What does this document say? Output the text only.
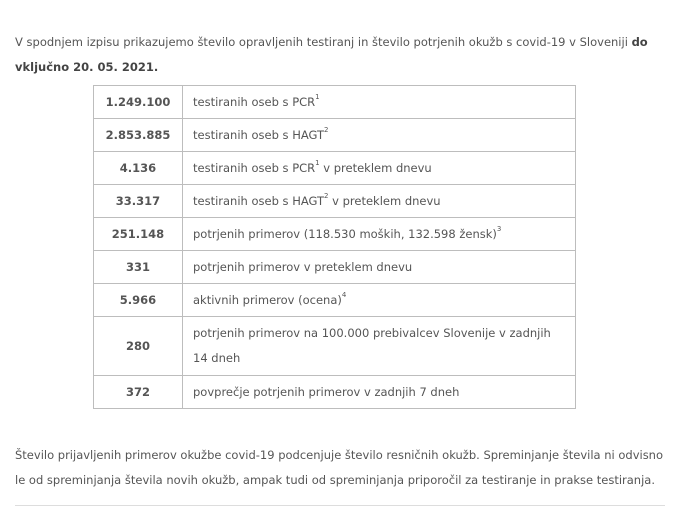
V spodnjem izpisu prikazujemo število opravljenih testiranj in število potrjenih okužb s covid-19 v Sloveniji do vključno 20. 05. 2021.
1.249.100	testiranih oseb s PCR$^1$
2.853.885	testiranih oseb s HAGT$^2$
4.136	testiranih oseb s PCR$^1$ v preteklem dnevu
33.317	testiranih oseb s HAGT$^2$ v preteklem dnevu
251.148	potrjenih primerov (118.530 moških, 132.598 žensk)$^3$
331	potrjenih primerov v preteklem dnevu
5.966	aktivnih primerov (ocena)$^4$
280	potrjenih primerov na 100.000 prebivalcev Slovenije v zadnjih 14 dneh
372	povprečje potrjenih primerov v zadnjih 7 dneh
Število prijavljenih primerov okužbe covid-19 podcenjuje število resničnih okužb. Spreminjanje števila ni odvisno le od spreminjanja števila novih okužb, ampak tudi od spreminjanja priporočil za testiranje in prakse testiranja.
